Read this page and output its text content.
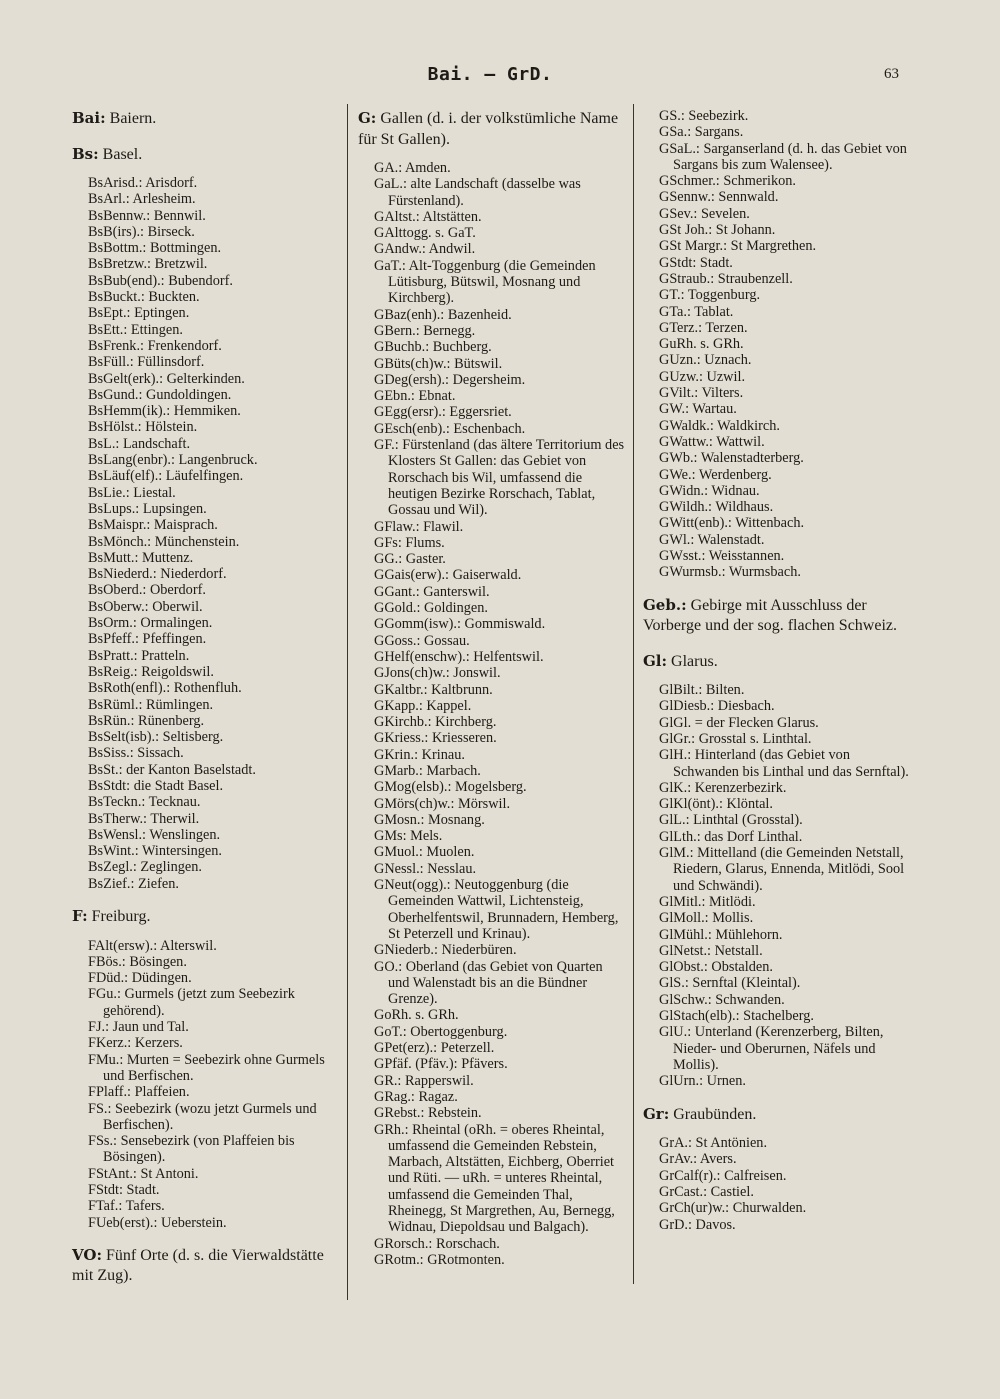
Bai. — GrD.	63

Bai: Baiern.

Bs: Basel.

BsArisd.: Arisdorf.

BsArl.: Arlesheim.

BsBennw.: Bennwil.

BsB(irs).: Birseck.

BsBottm.: Bottmingen.

BsBretzw.: Bretzwil.

BsBub(end).: Bubendorf.

BsBuckt.: Buckten.

BsEpt.: Eptingen.

BsEtt.: Ettingen.

BsFrenk.: Frenkendorf.

BsFüll.: Füllinsdorf.

BsGelt(erk).: Gelterkinden.

BsGund.: Gundoldingen.

BsHemm(ik).: Hemmiken.

BsHölst.: Hölstein.

BsL.: Landschaft.

BsLang(enbr).: Langenbruck.

BsLäuf(elf).: Läufelfingen.

BsLie.: Liestal.

BsLups.: Lupsingen.

BsMaispr.: Maisprach.

BsMönch.: Münchenstein.

BsMutt.: Muttenz.

BsNiederd.: Niederdorf.

BsOberd.: Oberdorf.

BsOberw.: Oberwil.

BsOrm.: Ormalingen.

BsPfeff.: Pfeffingen.

BsPratt.: Pratteln.

BsReig.: Reigoldswil.

BsRoth(enfl).: Rothenfluh.

BsRüml.: Rümlingen.

BsRün.: Rünenberg.

BsSelt(isb).: Seltisberg.

BsSiss.: Sissach.

BsSt.: der Kanton Baselstadt.

BsStdt: die Stadt Basel.

BsTeckn.: Tecknau.

BsTherw.: Therwil.

BsWensl.: Wenslingen.

BsWint.: Wintersingen.

BsZegl.: Zeglingen.

BsZief.: Ziefen.

F: Freiburg.

FAlt(ersw).: Alterswil.

FBös.: Bösingen.

FDüd.: Düdingen.

FGu.: Gurmels (jetzt zum Seebezirk gehörend).

FJ.: Jaun und Tal.

FKerz.: Kerzers.

FMu.: Murten = Seebezirk ohne Gurmels und Berfischen.

FPlaff.: Plaffeien.

FS.: Seebezirk (wozu jetzt Gurmels und Berfischen).

FSs.: Sensebezirk (von Plaffeien bis Bösingen).

FStAnt.: St Antoni.

FStdt: Stadt.

FTaf.: Tafers.

FUeb(erst).: Ueberstein.

VO: Fünf Orte (d. s. die Vierwaldstätte mit Zug).

G: Gallen (d. i. der volkstümliche Name für St Gallen).

GA.: Amden.

GaL.: alte Landschaft (dasselbe was Fürstenland).

GAltst.: Altstätten.

GAlttogg. s. GaT.

GAndw.: Andwil.

GaT.: Alt-Toggenburg (die Gemeinden Lütisburg, Bütswil, Mosnang und Kirchberg).

GBaz(enh).: Bazenheid.

GBern.: Bernegg.

GBuchb.: Buchberg.

GBüts(ch)w.: Bütswil.

GDeg(ersh).: Degersheim.

GEbn.: Ebnat.

GEgg(ersr).: Eggersriet.

GEsch(enb).: Eschenbach.

GF.: Fürstenland (das ältere Territorium des Klosters St Gallen: das Gebiet von Rorschach bis Wil, umfassend die heutigen Bezirke Rorschach, Tablat, Gossau und Wil).

GFlaw.: Flawil.

GFs: Flums.

GG.: Gaster.

GGais(erw).: Gaiserwald.

GGant.: Ganterswil.

GGold.: Goldingen.

GGomm(isw).: Gommiswald.

GGoss.: Gossau.

GHelf(enschw).: Helfentswil.

GJons(ch)w.: Jonswil.

GKaltbr.: Kaltbrunn.

GKapp.: Kappel.

GKirchb.: Kirchberg.

GKriess.: Kriesseren.

GKrin.: Krinau.

GMarb.: Marbach.

GMog(elsb).: Mogelsberg.

GMörs(ch)w.: Mörswil.

GMosn.: Mosnang.

GMs: Mels.

GMuol.: Muolen.

GNessl.: Nesslau.

GNeut(ogg).: Neutoggenburg (die Gemeinden Wattwil, Lichtensteig, Oberhelfentswil, Brunnadern, Hemberg, St Peterzell und Krinau).

GNiederb.: Niederbüren.

GO.: Oberland (das Gebiet von Quarten und Walenstadt bis an die Bündner Grenze).

GoRh. s. GRh.

GoT.: Obertoggenburg.

GPet(erz).: Peterzell.

GPfäf. (Pfäv.): Pfävers.

GR.: Rapperswil.

GRag.: Ragaz.

GRebst.: Rebstein.

GRh.: Rheintal (oRh. = oberes Rheintal, umfassend die Gemeinden Rebstein, Marbach, Altstätten, Eichberg, Oberriet und Rüti. — uRh. = unteres Rheintal, umfassend die Gemeinden Thal, Rheinegg, St Margrethen, Au, Bernegg, Widnau, Diepoldsau und Balgach).

GRorsch.: Rorschach.

GRotm.: GRotmonten.

GS.: Seebezirk.

GSa.: Sargans.

GSaL.: Sarganserland (d. h. das Gebiet von Sargans bis zum Walensee).

GSchmer.: Schmerikon.

GSennw.: Sennwald.

GSev.: Sevelen.

GSt Joh.: St Johann.

GSt Margr.: St Margrethen.

GStdt: Stadt.

GStraub.: Straubenzell.

GT.: Toggenburg.

GTa.: Tablat.

GTerz.: Terzen.

GuRh. s. GRh.

GUzn.: Uznach.

GUzw.: Uzwil.

GVilt.: Vilters.

GW.: Wartau.

GWaldk.: Waldkirch.

GWattw.: Wattwil.

GWb.: Walenstadterberg.

GWe.: Werdenberg.

GWidn.: Widnau.

GWildh.: Wildhaus.

GWitt(enb).: Wittenbach.

GWl.: Walenstadt.

GWsst.: Weisstannen.

GWurmsb.: Wurmsbach.

Geb.: Gebirge mit Ausschluss der Vorberge und der sog. flachen Schweiz.

Gl: Glarus.

GlBilt.: Bilten.

GlDiesb.: Diesbach.

GlGl. = der Flecken Glarus.

GlGr.: Grosstal s. Linthtal.

GlH.: Hinterland (das Gebiet von Schwanden bis Linthal und das Sernftal).

GlK.: Kerenzerbezirk.

GlKl(önt).: Klöntal.

GlL.: Linthtal (Grosstal).

GlLth.: das Dorf Linthal.

GlM.: Mittelland (die Gemeinden Netstall, Riedern, Glarus, Ennenda, Mitlödi, Sool und Schwändi).

GlMitl.: Mitlödi.

GlMoll.: Mollis.

GlMühl.: Mühlehorn.

GlNetst.: Netstall.

GlObst.: Obstalden.

GlS.: Sernftal (Kleintal).

GlSchw.: Schwanden.

GlStach(elb).: Stachelberg.

GlU.: Unterland (Kerenzerberg, Bilten, Nieder- und Oberurnen, Näfels und Mollis).

GlUrn.: Urnen.

Gr: Graubünden.

GrA.: St Antönien.

GrAv.: Avers.

GrCalf(r).: Calfreisen.

GrCast.: Castiel.

GrCh(ur)w.: Churwalden.

GrD.: Davos.
